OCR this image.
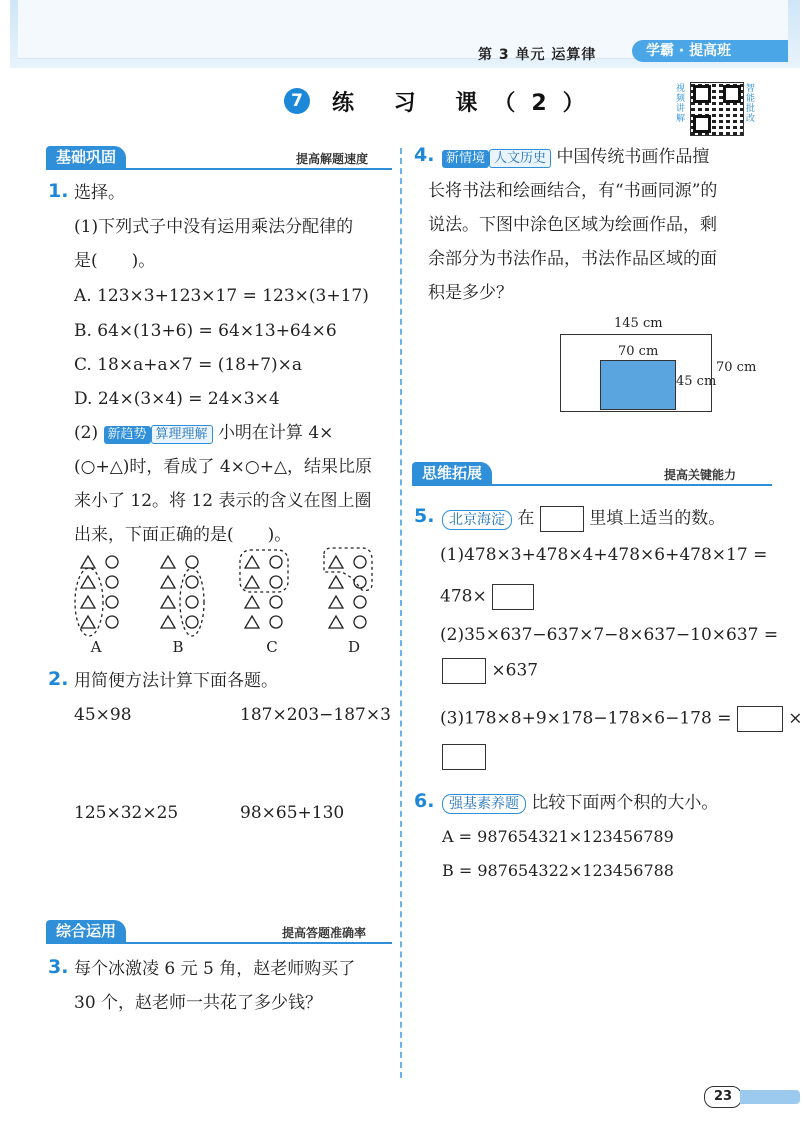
第 3 单元 运算律	学霸 · 提高班
7	练 习 课（2）
视频讲解
智能批改
基础巩固	提高解题速度
1. 选择。
(1)下列式子中没有运用乘法分配律的
是(　　)。
A. 123×3+123×17 = 123×(3+17)
B. 64×(13+6) = 64×13+64×6
C. 18×a+a×7 = (18+7)×a
D. 24×(3×4) = 24×3×4
(2) 新趋势 算理理解 小明在计算 4×
(○+△)时，看成了 4×○+△，结果比原
来小了 12。将 12 表示的含义在图上圈
出来，下面正确的是(　　)。
A	B	C	D
2. 用简便方法计算下面各题。
45×98	187×203−187×3
125×32×25	98×65+130
综合运用	提高答题准确率
3. 每个冰激凌 6 元 5 角，赵老师购买了
30 个，赵老师一共花了多少钱？
4. 新情境 人文历史 中国传统书画作品擅
长将书法和绘画结合，有“书画同源”的
说法。下图中涂色区域为绘画作品，剩
余部分为书法作品，书法作品区域的面
积是多少？
145 cm
70 cm
70 cm
45 cm
思维拓展	提高关键能力
5.	北京海淀 在	里填上适当的数。
(1)478×3+478×4+478×6+478×17 =
478×
(2)35×637−637×7−8×637−10×637 =
×637
(3)178×8+9×178−178×6−178 =	×
6.	强基素养题 比较下面两个积的大小。
A = 987654321×123456789
B = 987654322×123456788
23
